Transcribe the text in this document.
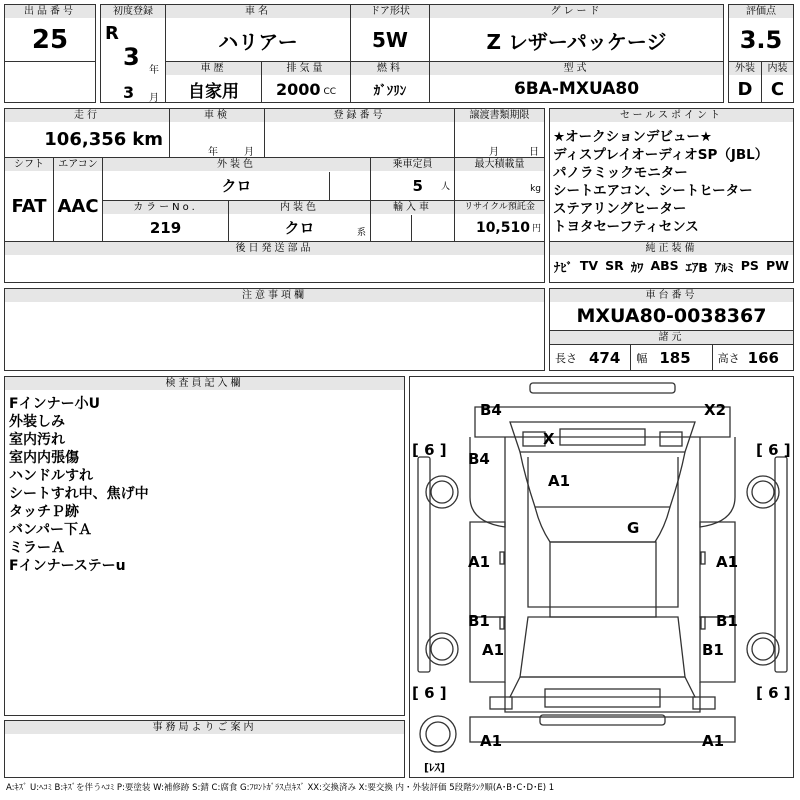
出品番号
25
初度登録
R
3 年
3 月
車名
ハリアー
ドア形状
5W
グレード
Z レザーパッケージ
評価点
3.5
車歴
自家用
排気量
2000 CC
燃料
ｶﾞｿﾘﾝ
型式
6BA-MXUA80
外装
D
内装
C
走行
106,356 km
車検
年	月
登録番号	譲渡書類期限
月	日
シフト
FAT
エアコン
AAC
外装色
クロ
乗車定員
5 人
最大積載量
kg
カラーNo.
219
内装色
クロ	系
輸入車	リサイクル預託金
10,510 円
後日発送部品
注意事項欄
セールスポイント
★オークションデビュー★
ディスプレイオーディオSP（JBL）
パノラミックモニター
シートエアコン、シートヒーター
ステアリングヒーター
トヨタセーフティセンス
純正装備
ﾅﾋﾞ TV SR ｶﾜ ABS ｴｱB ｱﾙﾐ PS PW
車台番号
MXUA80-0038367
諸元
長さ 474 幅 185 高さ 166
検査員記入欄
Fインナー小U
外装しみ
室内汚れ
室内内張傷
ハンドルすれ
シートすれ中、焦げ中
タッチＰ跡
バンパー下Ａ
ミラーＡ
Fインナーステーu
事務局よりご案内
B4	X2
X
B4
A1
G
A1	A1
B1	B1
A1	B1
A1	A1
[ 6 ]	[ 6 ]
[ 6 ]	[ 6 ]
[ﾚｽ]
A:ｷｽﾞ U:ﾍｺﾐ B:ｷｽﾞを伴うﾍｺﾐ P:要塗装 W:補修跡 S:錆 C:腐食 G:ﾌﾛﾝﾄｶﾞﾗｽ点ｷｽﾞ XX:交換済み X:要交換 内・外装評価 5段階ﾗﾝｸ順(A･B･C･D･E) 1
